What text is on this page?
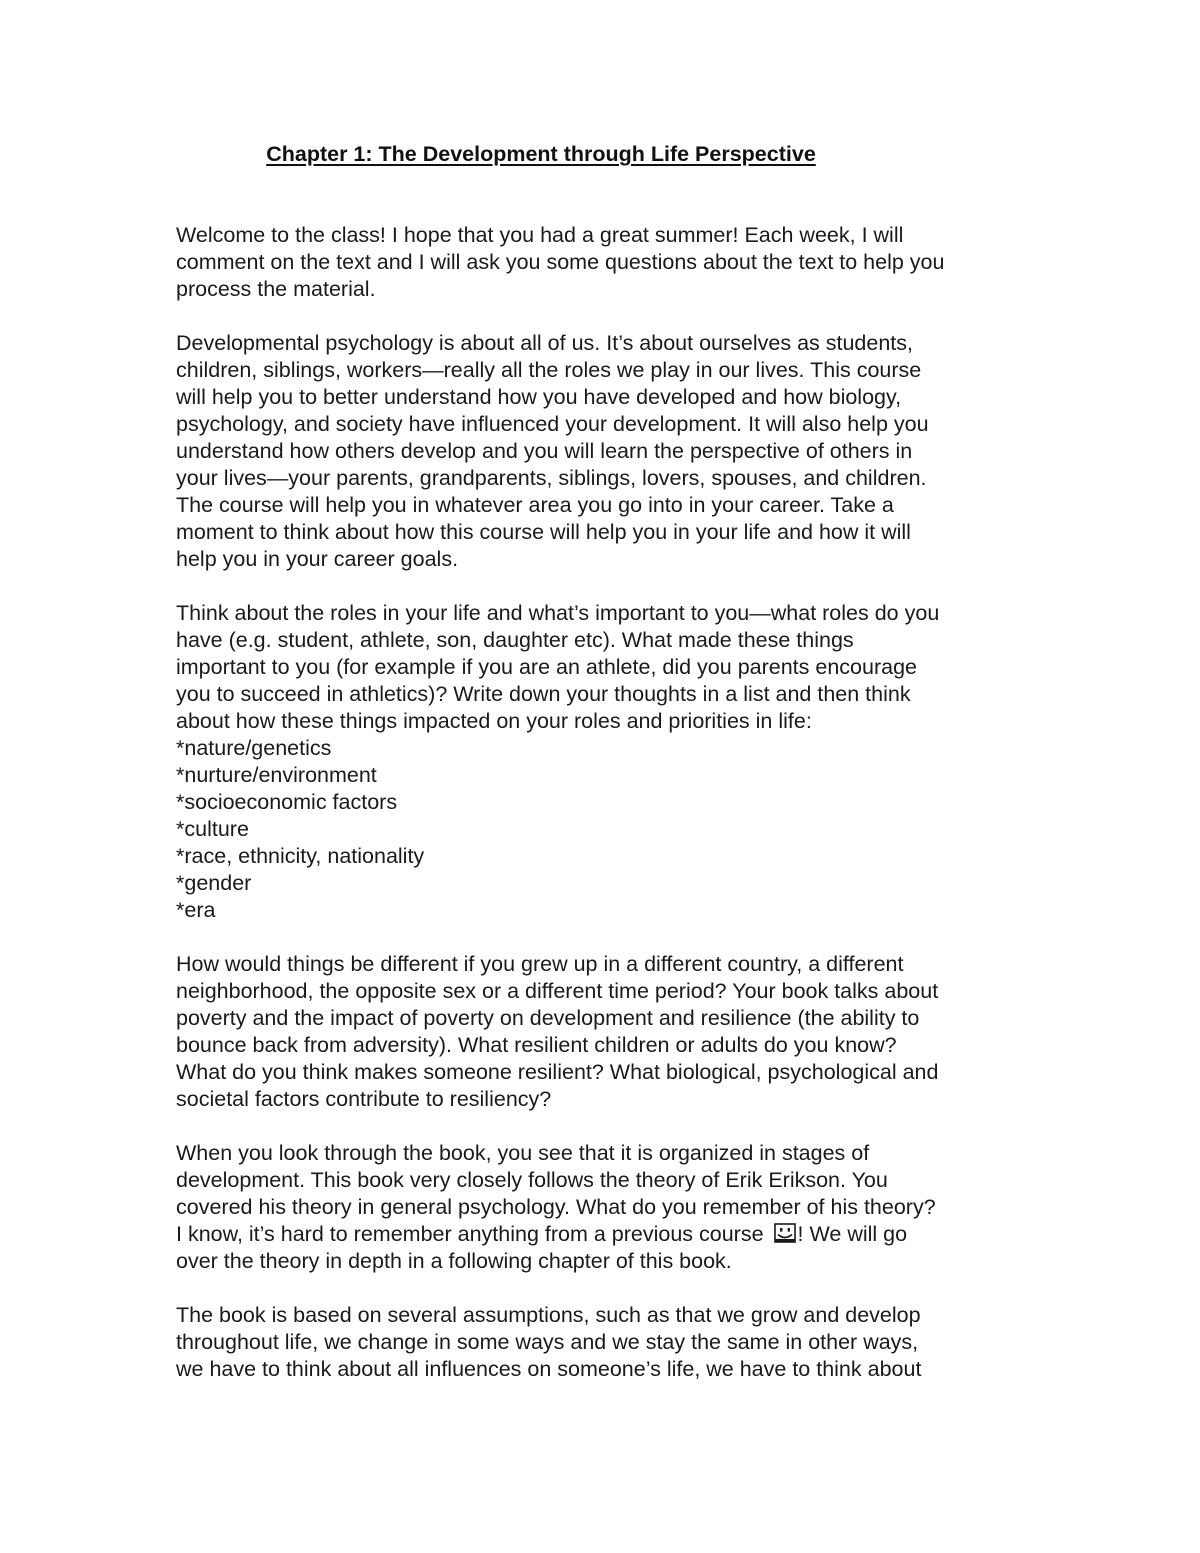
Chapter 1: The Development through Life Perspective
Welcome to the class! I hope that you had a great summer! Each week, I will
comment on the text and I will ask you some questions about the text to help you
process the material.
Developmental psychology is about all of us. It’s about ourselves as students,
children, siblings, workers—really all the roles we play in our lives. This course
will help you to better understand how you have developed and how biology,
psychology, and society have influenced your development. It will also help you
understand how others develop and you will learn the perspective of others in
your lives—your parents, grandparents, siblings, lovers, spouses, and children.
The course will help you in whatever area you go into in your career. Take a
moment to think about how this course will help you in your life and how it will
help you in your career goals.
Think about the roles in your life and what’s important to you—what roles do you
have (e.g. student, athlete, son, daughter etc). What made these things
important to you (for example if you are an athlete, did you parents encourage
you to succeed in athletics)? Write down your thoughts in a list and then think
about how these things impacted on your roles and priorities in life:
*nature/genetics
*nurture/environment
*socioeconomic factors
*culture
*race, ethnicity, nationality
*gender
*era
How would things be different if you grew up in a different country, a different
neighborhood, the opposite sex or a different time period? Your book talks about
poverty and the impact of poverty on development and resilience (the ability to
bounce back from adversity). What resilient children or adults do you know?
What do you think makes someone resilient? What biological, psychological and
societal factors contribute to resiliency?
When you look through the book, you see that it is organized in stages of
development. This book very closely follows the theory of Erik Erikson. You
covered his theory in general psychology. What do you remember of his theory?
I know, it’s hard to remember anything from a previous course ! We will go
over the theory in depth in a following chapter of this book.
The book is based on several assumptions, such as that we grow and develop
throughout life, we change in some ways and we stay the same in other ways,
we have to think about all influences on someone’s life, we have to think about
